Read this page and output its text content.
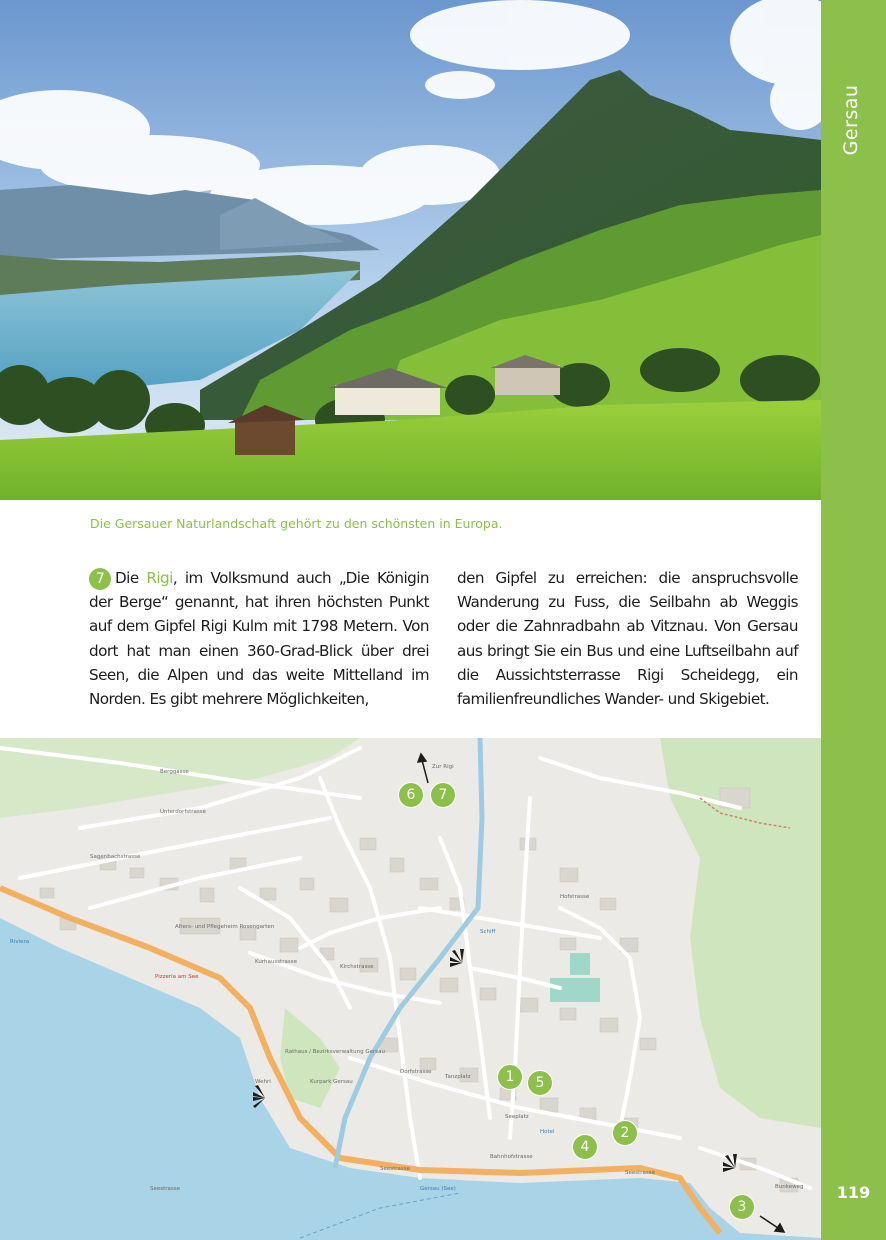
Gersau
119
Die Gersauer Naturlandschaft gehört zu den schönsten in Europa.
7 Die Rigi, im Volksmund auch „Die Königin der Berge“ genannt, hat ihren höchsten Punkt auf dem Gipfel Rigi Kulm mit 1798 Metern. Von dort hat man einen 360-Grad-Blick über drei Seen, die Alpen und das weite Mittelland im Norden. Es gibt mehrere Möglichkeiten,
den Gipfel zu erreichen: die anspruchsvolle Wanderung zu Fuss, die Seilbahn ab Weggis oder die Zahnradbahn ab Vitznau. Von Gersau aus bringt Sie ein Bus und eine Luftseilbahn auf die Aussichtsterrasse Rigi Scheidegg, ein familienfreundliches Wander- und Skigebiet.
Seestrasse
Seestrasse
Seestrasse
Berggasse
Unterdorfstrasse
Sagenbachstrasse
Kurhausstrasse
Dorfstrasse
Tanzplatz
Bahnhofstrasse
Kirchstrasse
Hofstrasse
Seeplatz
Alters- und Pflegeheim Rosengarten
Rathaus / Bezirksverwaltung Gersau
Kurpark Gersau
Pizzeria am See
Schiff
Gersau (See)
Riviera
Hotel
Wehri
Bunkeweg
Zur Rigi
6	7
1	5
2
4
3
